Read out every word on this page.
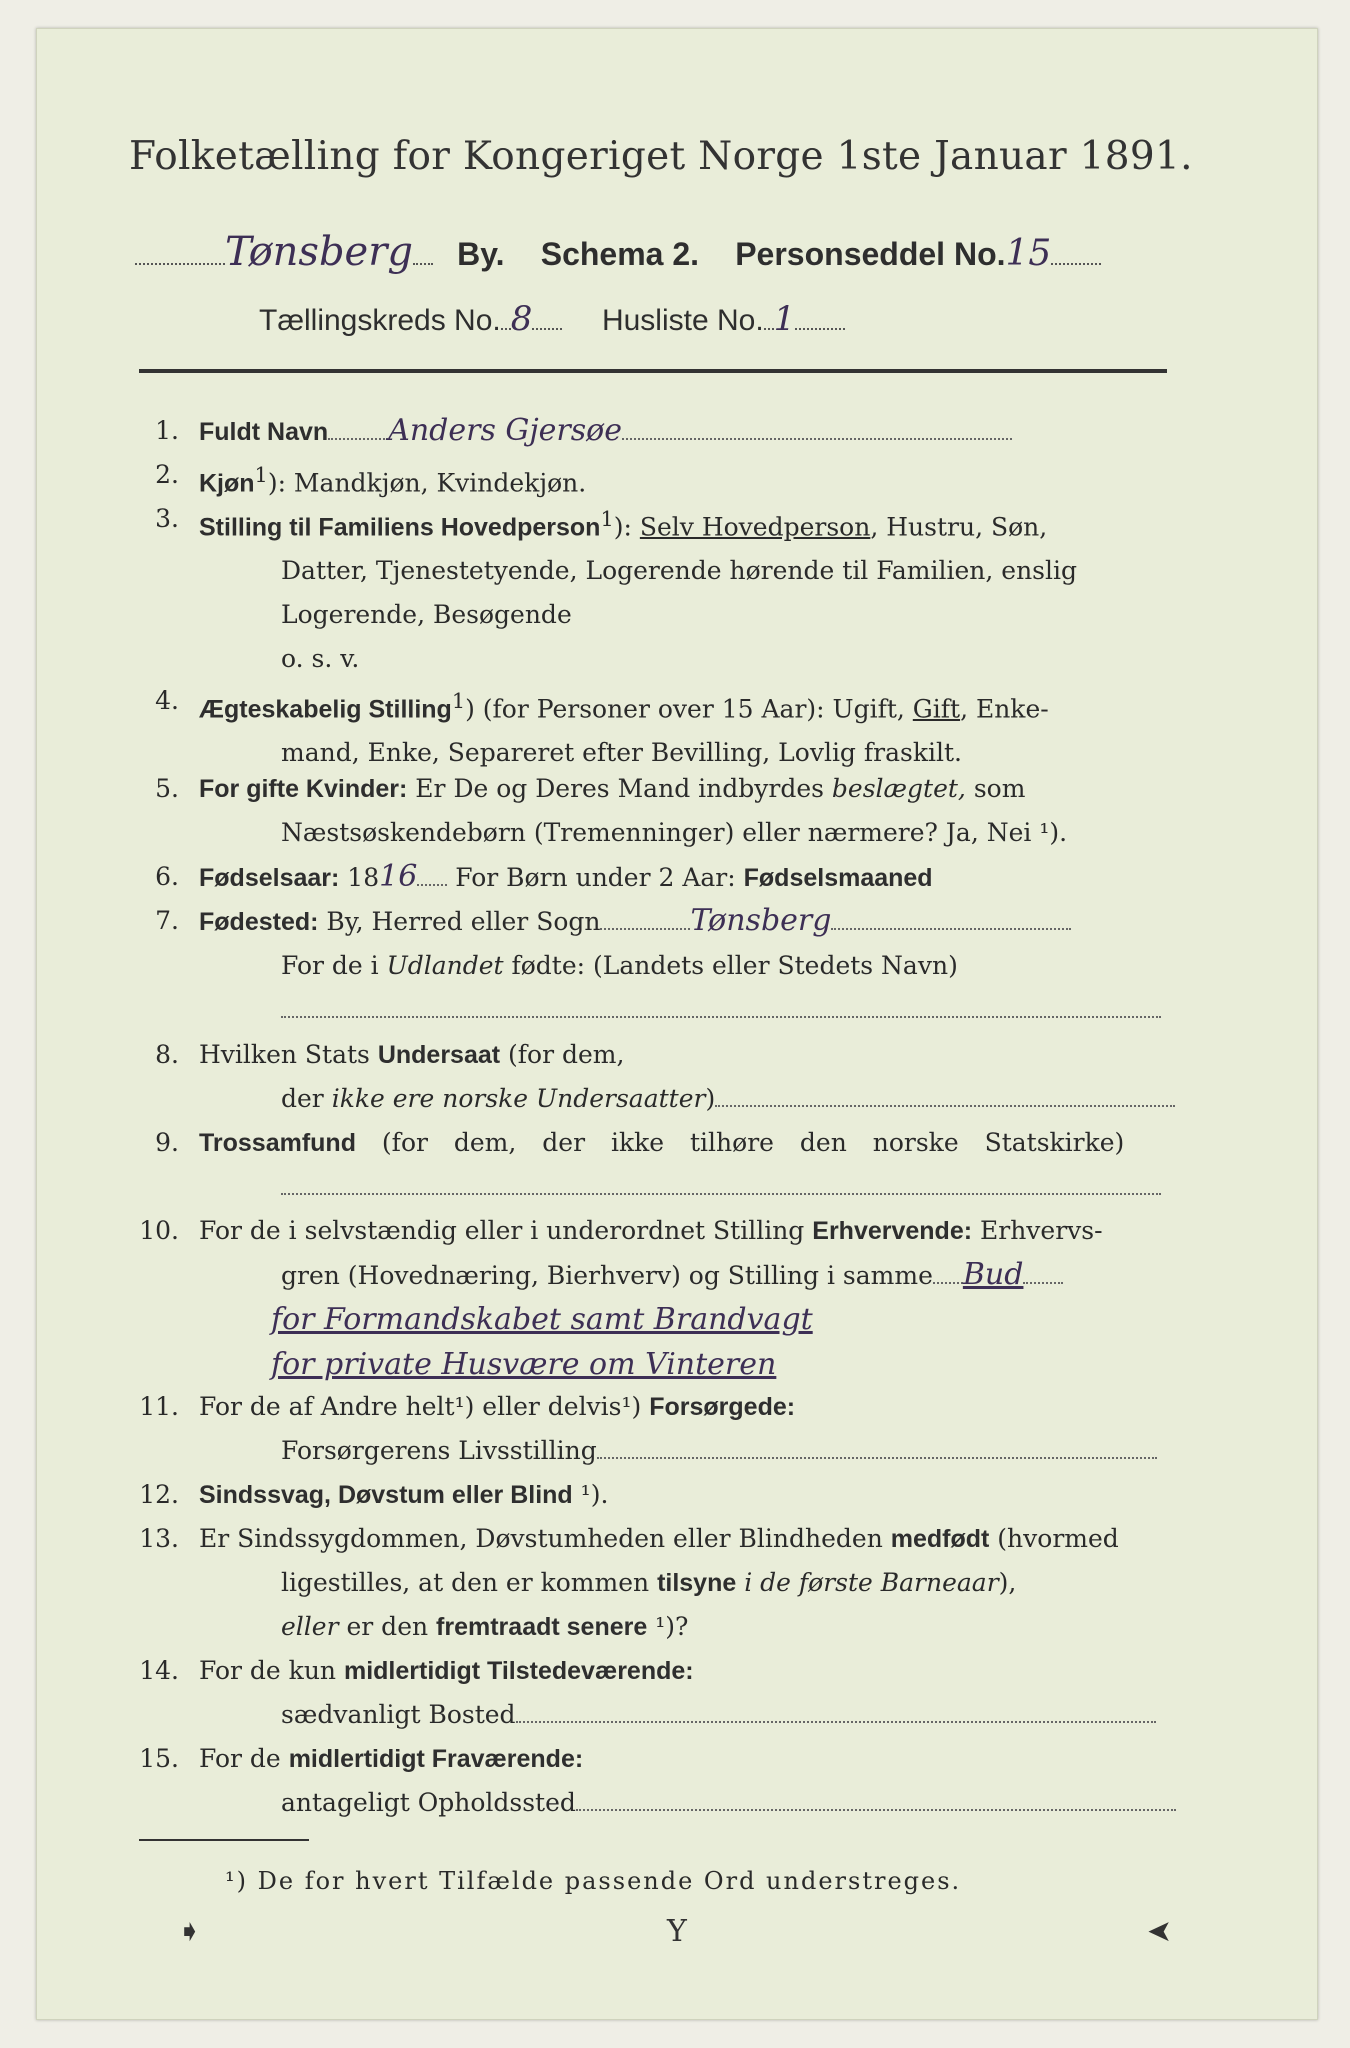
Folketælling for Kongeriget Norge 1ste Januar 1891.
Tønsberg By. Schema 2. Personseddel No.15
Tællingskreds No. 8 Husliste No. 1
1. Fuldt Navn Anders Gjersøe
2. Kjøn$^1$): Mandkjøn, Kvindekjøn.
3. Stilling til Familiens Hovedperson$^1$): Selv Hovedperson, Hustru, Søn,
Datter, Tjenestetyende, Logerende hørende til Familien, enslig
Logerende, Besøgende
o. s. v.
4. Ægteskabelig Stilling$^1$) (for Personer over 15 Aar): Ugift, Gift, Enke-
mand, Enke, Separeret efter Bevilling, Lovlig fraskilt.
5. For gifte Kvinder: Er De og Deres Mand indbyrdes beslægtet, som
Næstsøskendebørn (Tremenninger) eller nærmere? Ja, Nei ¹).
6. Fødselsaar: 1816 For Børn under 2 Aar: Fødselsmaaned
7. Fødested: By, Herred eller Sogn	Tønsberg
For de i Udlandet fødte: (Landets eller Stedets Navn)
8. Hvilken Stats Undersaat (for dem,
der ikke ere norske Undersaatter)
9. Trossamfund (for dem, der ikke tilhøre den norske Statskirke)
10. For de i selvstændig eller i underordnet Stilling Erhvervende: Erhvervs-
gren (Hovednæring, Bierhverv) og Stilling i samme Bud
for Formandskabet samt Brandvagt
for private Husvære om Vinteren
11. For de af Andre helt¹) eller delvis¹) Forsørgede:
Forsørgerens Livsstilling
12. Sindssvag, Døvstum eller Blind ¹).
13. Er Sindssygdommen, Døvstumheden eller Blindheden medfødt (hvormed
ligestilles, at den er kommen tilsyne i de første Barneaar),
eller er den fremtraadt senere ¹)?
14. For de kun midlertidigt Tilstedeværende:
sædvanligt Bosted
15. For de midlertidigt Fraværende:
antageligt Opholdssted
¹) De for hvert Tilfælde passende Ord understreges.
➧	Y	➤
